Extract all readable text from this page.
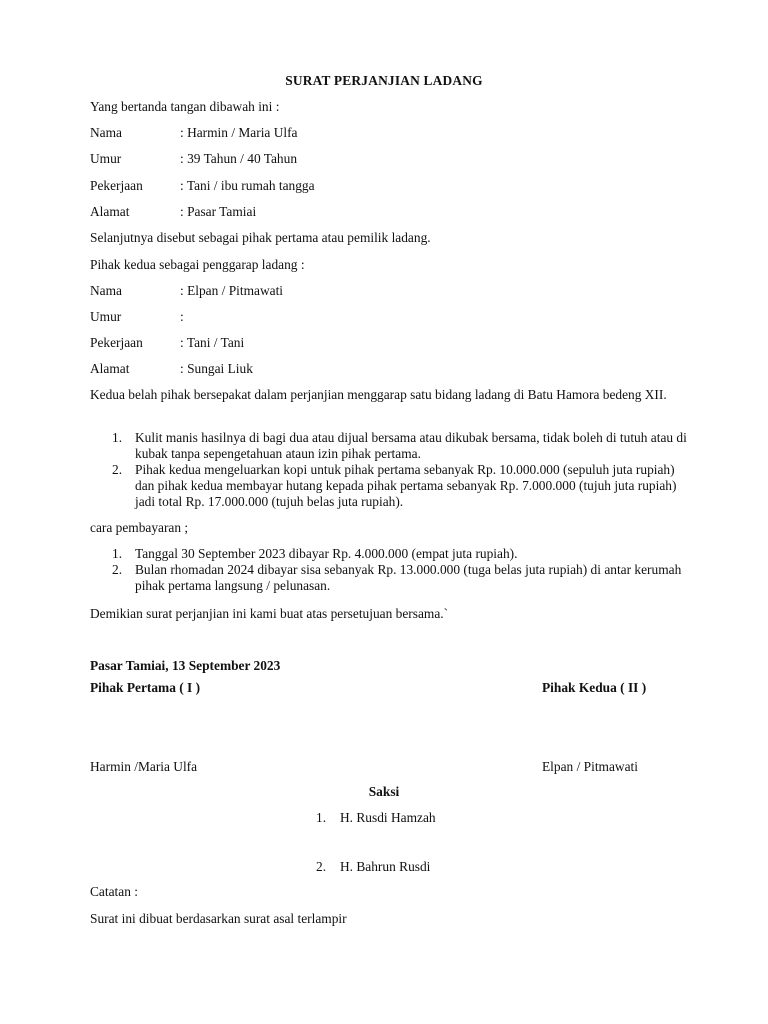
SURAT PERJANJIAN LADANG

Yang bertanda tangan dibawah ini :

Nama	: Harmin / Maria Ulfa

Umur	: 39 Tahun / 40 Tahun

Pekerjaan	: Tani / ibu rumah tangga

Alamat	: Pasar Tamiai

Selanjutnya disebut sebagai pihak pertama atau pemilik ladang.

Pihak kedua sebagai penggarap ladang :

Nama	: Elpan / Pitmawati

Umur	:

Pekerjaan	: Tani / Tani

Alamat	: Sungai Liuk

Kedua belah pihak bersepakat dalam perjanjian menggarap satu bidang ladang di Batu Hamora bedeng XII.

1. Kulit manis hasilnya di bagi dua atau dijual bersama atau dikubak bersama, tidak boleh di tutuh atau di kubak tanpa sepengetahuan ataun izin pihak pertama.
2. Pihak kedua mengeluarkan kopi untuk pihak pertama sebanyak Rp. 10.000.000 (sepuluh juta rupiah) dan pihak kedua membayar hutang kepada pihak pertama sebanyak Rp. 7.000.000 (tujuh juta rupiah) jadi total Rp. 17.000.000 (tujuh belas juta rupiah).

cara pembayaran ;

1. Tanggal 30 September 2023 dibayar Rp. 4.000.000 (empat juta rupiah).
2. Bulan rhomadan 2024 dibayar sisa sebanyak Rp. 13.000.000 (tuga belas juta rupiah) di antar kerumah pihak pertama langsung / pelunasan.

Demikian surat perjanjian ini kami buat atas persetujuan bersama.`

Pasar Tamiai, 13 September 2023

Pihak Pertama ( I )	Pihak Kedua ( II )

Harmin /Maria Ulfa	Elpan / Pitmawati

Saksi

1. H. Rusdi Hamzah

2. H. Bahrun Rusdi

Catatan :

Surat ini dibuat berdasarkan surat asal terlampir
